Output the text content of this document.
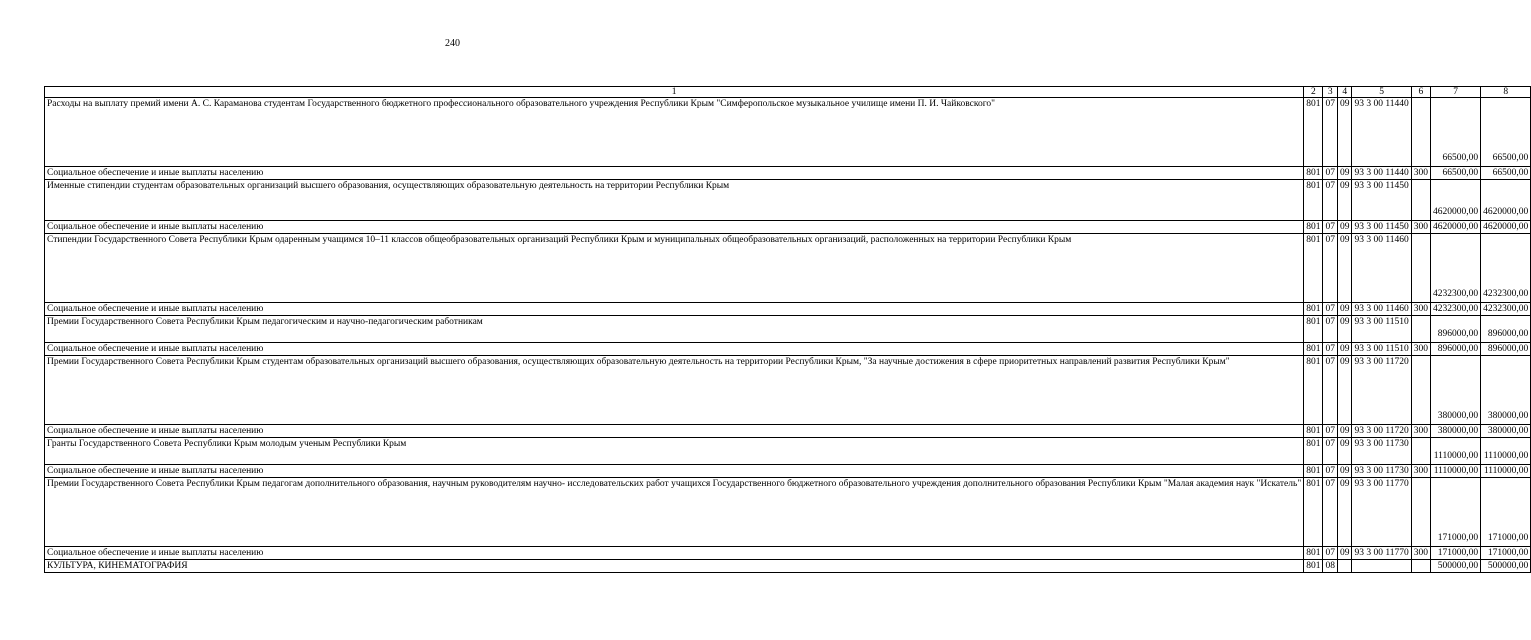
240
1	2	3	4	5	6	7	8
Расходы на выплату премий имени А. С. Караманова студентам Государственного бюджетного профессионального образовательного учреждения Республики Крым "Симферопольское музыкальное училище имени П. И. Чайковского"	801	07	09	93 3 00 11440		66500,00	66500,00
Социальное обеспечение и иные выплаты населению	801	07	09	93 3 00 11440	300	66500,00	66500,00
Именные стипендии студентам образовательных организаций высшего образования, осуществляющих образовательную деятельность на территории Республики Крым	801	07	09	93 3 00 11450		4620000,00	4620000,00
Социальное обеспечение и иные выплаты населению	801	07	09	93 3 00 11450	300	4620000,00	4620000,00
Стипендии Государственного Совета Республики Крым одаренным учащимся 10–11 классов общеобразовательных организаций Республики Крым и муниципальных общеобразовательных организаций, расположенных на территории Республики Крым	801	07	09	93 3 00 11460		4232300,00	4232300,00
Социальное обеспечение и иные выплаты населению	801	07	09	93 3 00 11460	300	4232300,00	4232300,00
Премии Государственного Совета Республики Крым педагогическим и научно-педагогическим работникам	801	07	09	93 3 00 11510		896000,00	896000,00
Социальное обеспечение и иные выплаты населению	801	07	09	93 3 00 11510	300	896000,00	896000,00
Премии Государственного Совета Республики Крым студентам образовательных организаций высшего образования, осуществляющих образовательную деятельность на территории Республики Крым, "За научные достижения в сфере приоритетных направлений развития Республики Крым"	801	07	09	93 3 00 11720		380000,00	380000,00
Социальное обеспечение и иные выплаты населению	801	07	09	93 3 00 11720	300	380000,00	380000,00
Гранты Государственного Совета Республики Крым молодым ученым Республики Крым	801	07	09	93 3 00 11730		1110000,00	1110000,00
Социальное обеспечение и иные выплаты населению	801	07	09	93 3 00 11730	300	1110000,00	1110000,00
Премии Государственного Совета Республики Крым педагогам дополнительного образования, научным руководителям научно- исследовательских работ учащихся Государственного бюджетного образовательного учреждения дополнительного образования Республики Крым "Малая академия наук "Искатель"	801	07	09	93 3 00 11770		171000,00	171000,00
Социальное обеспечение и иные выплаты населению	801	07	09	93 3 00 11770	300	171000,00	171000,00
КУЛЬТУРА, КИНЕМАТОГРАФИЯ	801	08				500000,00	500000,00
